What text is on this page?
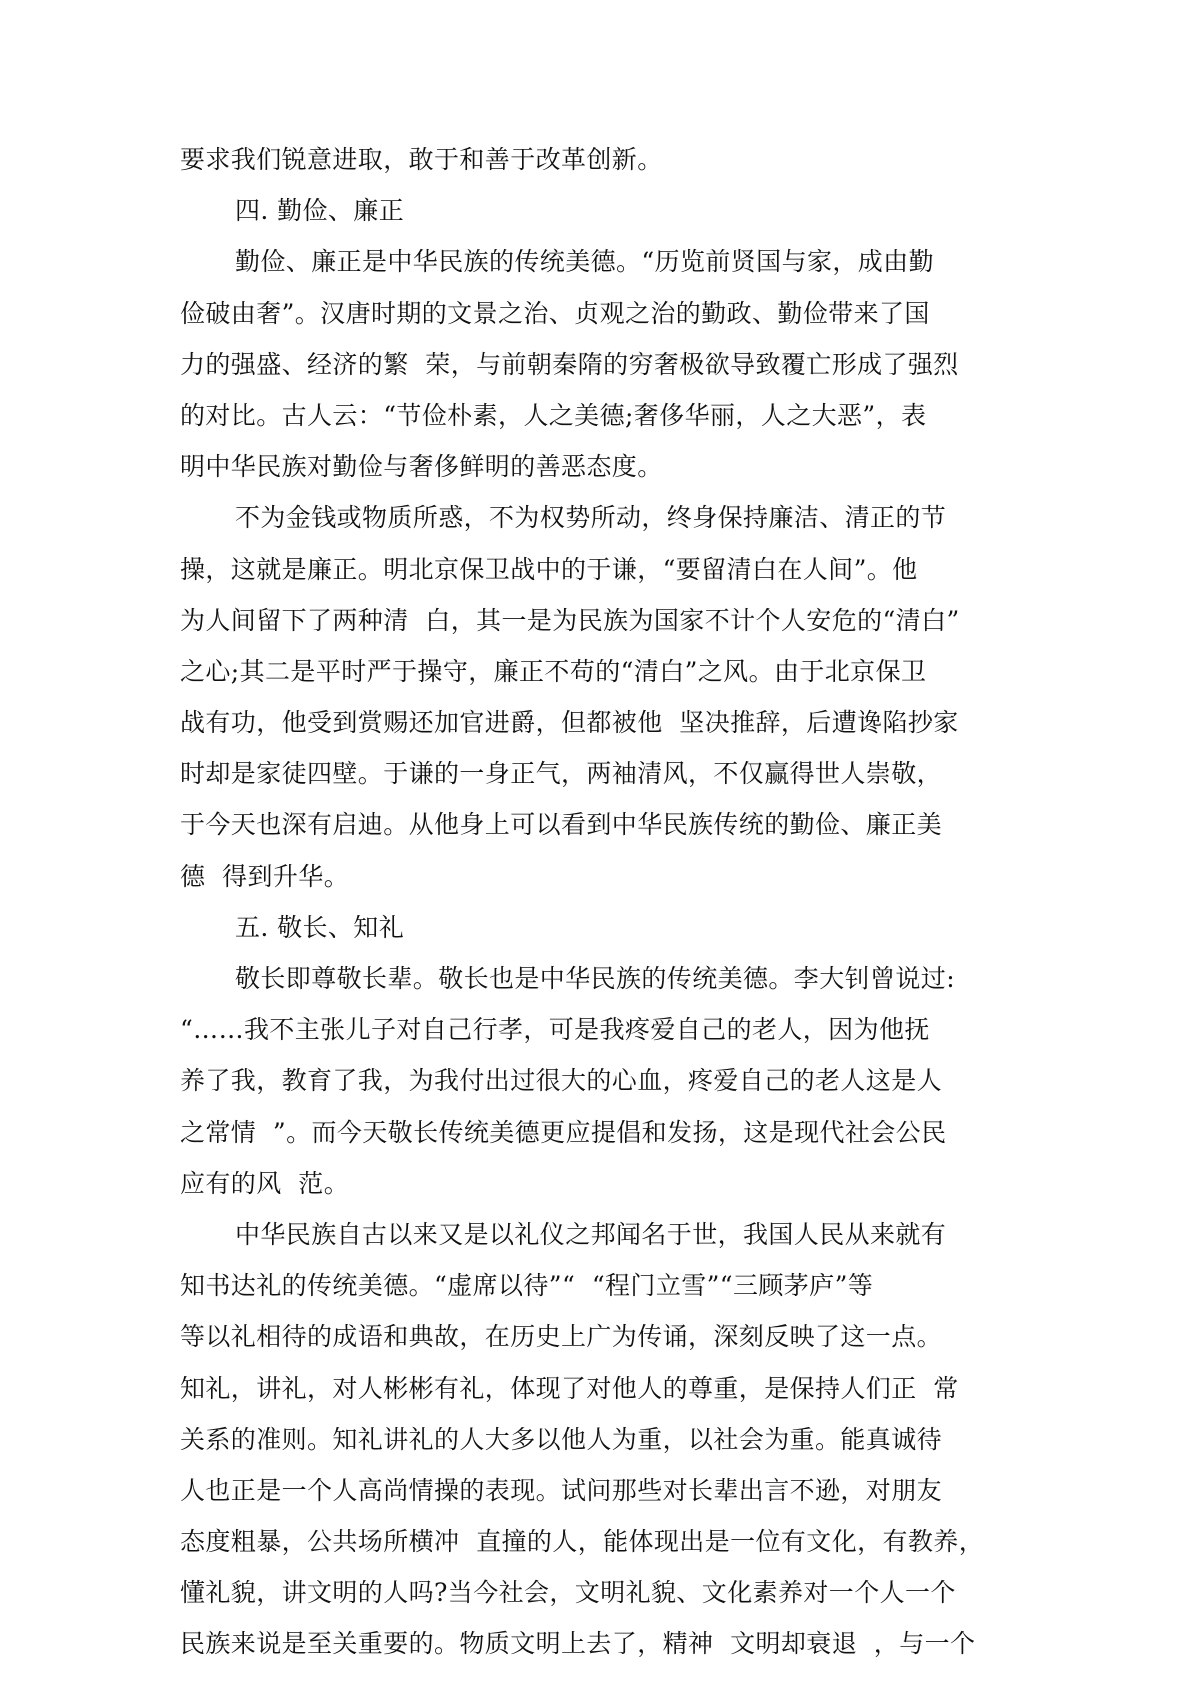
要求我们锐意进取，敢于和善于改革创新。
四. 勤俭、廉正
勤俭、廉正是中华民族的传统美德。“历览前贤国与家，成由勤
俭破由奢”。汉唐时期的文景之治、贞观之治的勤政、勤俭带来了国
力的强盛、经济的繁  荣，与前朝秦隋的穷奢极欲导致覆亡形成了强烈
的对比。古人云：“节俭朴素，人之美德;奢侈华丽，人之大恶”，表
明中华民族对勤俭与奢侈鲜明的善恶态度。
不为金钱或物质所惑，不为权势所动，终身保持廉洁、清正的节
操，这就是廉正。明北京保卫战中的于谦，“要留清白在人间”。他
为人间留下了两种清  白，其一是为民族为国家不计个人安危的“清白”
之心;其二是平时严于操守，廉正不苟的“清白”之风。由于北京保卫
战有功，他受到赏赐还加官进爵，但都被他  坚决推辞，后遭谗陷抄家
时却是家徒四壁。于谦的一身正气，两袖清风，不仅赢得世人崇敬，
于今天也深有启迪。从他身上可以看到中华民族传统的勤俭、廉正美
德  得到升华。
五. 敬长、知礼
敬长即尊敬长辈。敬长也是中华民族的传统美德。李大钊曾说过:
“……我不主张儿子对自己行孝，可是我疼爱自己的老人，因为他抚
养了我，教育了我，为我付出过很大的心血，疼爱自己的老人这是人
之常情  ”。而今天敬长传统美德更应提倡和发扬，这是现代社会公民
应有的风  范。
中华民族自古以来又是以礼仪之邦闻名于世，我国人民从来就有
知书达礼的传统美德。“虚席以待”“  “程门立雪”“三顾茅庐”等
等以礼相待的成语和典故，在历史上广为传诵，深刻反映了这一点。
知礼，讲礼，对人彬彬有礼，体现了对他人的尊重，是保持人们正  常
关系的准则。知礼讲礼的人大多以他人为重，以社会为重。能真诚待
人也正是一个人高尚情操的表现。试问那些对长辈出言不逊，对朋友
态度粗暴，公共场所横冲  直撞的人，能体现出是一位有文化，有教养，
懂礼貌，讲文明的人吗?当今社会，文明礼貌、文化素养对一个人一个
民族来说是至关重要的。物质文明上去了，精神  文明却衰退  ，与一个
